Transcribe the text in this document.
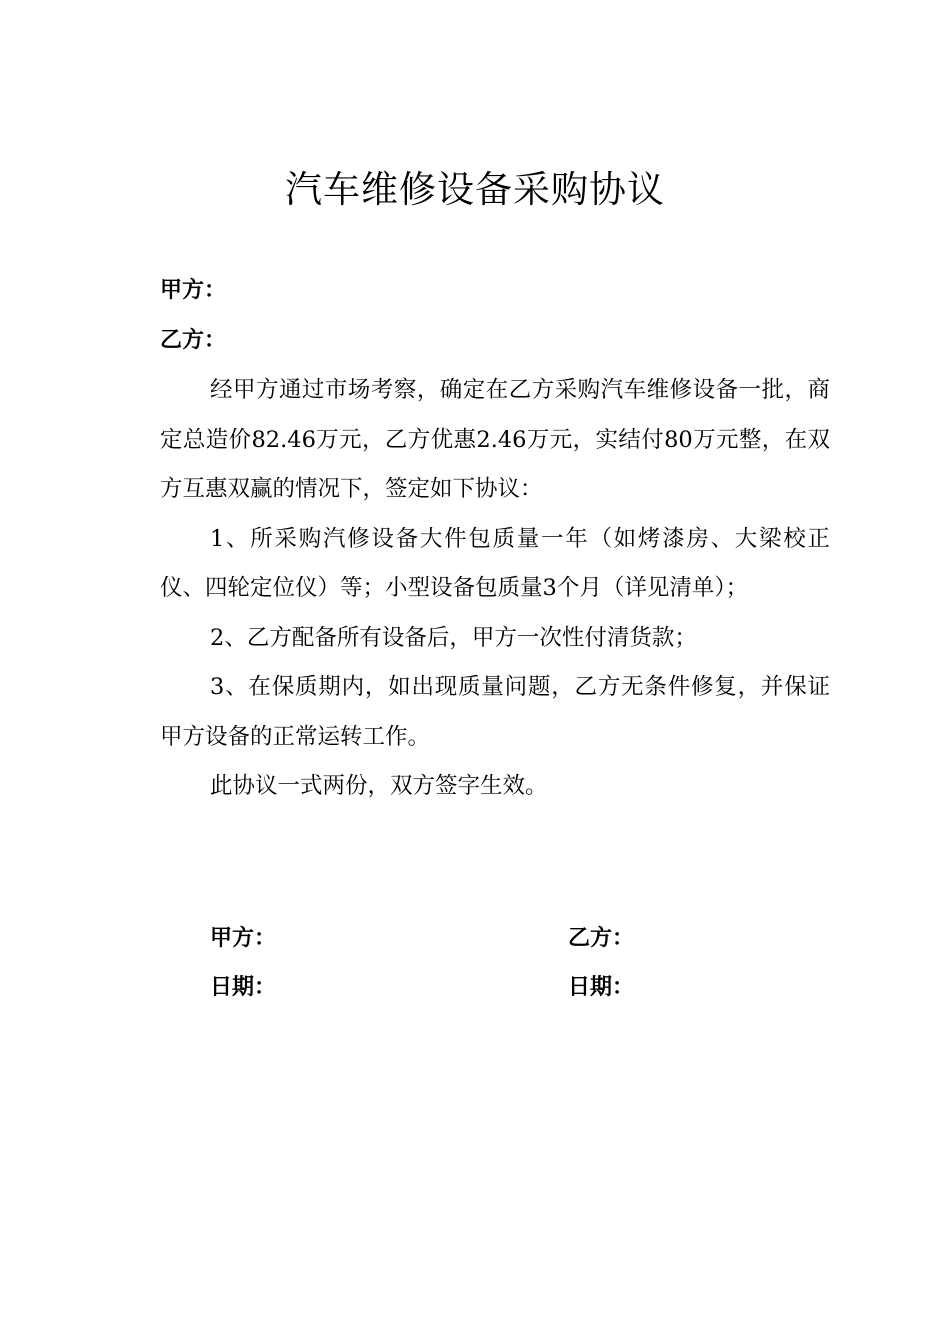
汽车维修设备采购协议
甲方：
乙方：

经甲方通过市场考察，确定在乙方采购汽车维修设备一批，商定总造价82.46万元，乙方优惠2.46万元，实结付80万元整，在双方互惠双赢的情况下，签定如下协议：

1、所采购汽修设备大件包质量一年（如烤漆房、大梁校正仪、四轮定位仪）等；小型设备包质量3个月（详见清单）；

2、乙方配备所有设备后，甲方一次性付清货款；

3、在保质期内，如出现质量问题，乙方无条件修复，并保证甲方设备的正常运转工作。

此协议一式两份，双方签字生效。

甲方：
日期：
乙方：
日期：
